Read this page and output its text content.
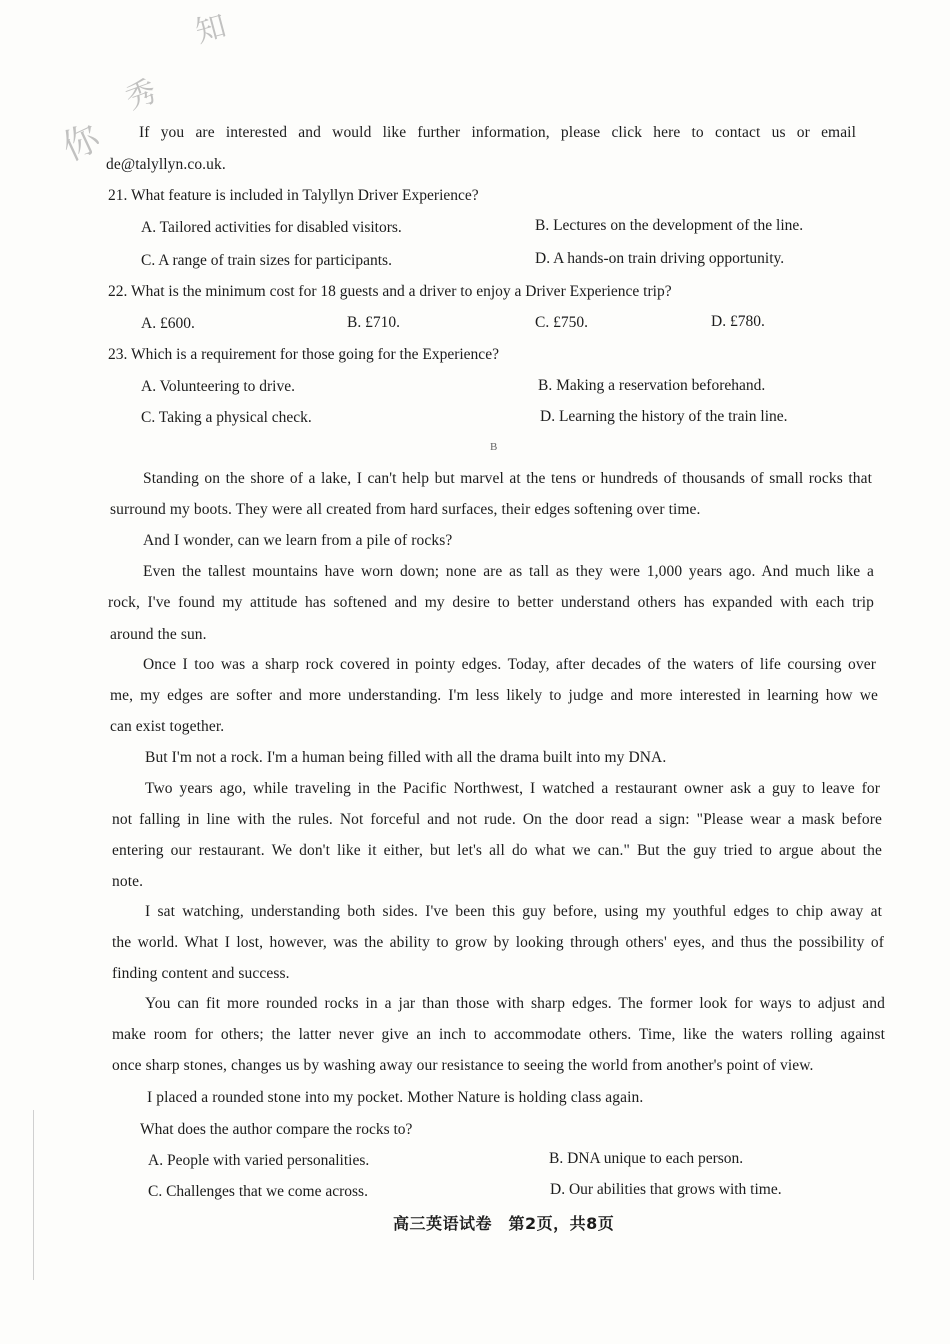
知
秀
你 If you are interested and would like further information, please click here to contact us or email
de@talyllyn.co.uk.
21. What feature is included in Talyllyn Driver Experience?
A. Tailored activities for disabled visitors.	B. Lectures on the development of the line.
C. A range of train sizes for participants.	D. A hands-on train driving opportunity.
22. What is the minimum cost for 18 guests and a driver to enjoy a Driver Experience trip?
A. £600.	B. £710.	C. £750.	D. £780.
23. Which is a requirement for those going for the Experience?
A. Volunteering to drive.	B. Making a reservation beforehand.
C. Taking a physical check.	D. Learning the history of the train line.
B
Standing on the shore of a lake, I can't help but marvel at the tens or hundreds of thousands of small rocks that
surround my boots. They were all created from hard surfaces, their edges softening over time.
And I wonder, can we learn from a pile of rocks?
Even the tallest mountains have worn down; none are as tall as they were 1,000 years ago. And much like a
rock, I've found my attitude has softened and my desire to better understand others has expanded with each trip
around the sun.
Once I too was a sharp rock covered in pointy edges. Today, after decades of the waters of life coursing over
me, my edges are softer and more understanding. I'm less likely to judge and more interested in learning how we
can exist together.
But I'm not a rock. I'm a human being filled with all the drama built into my DNA.
Two years ago, while traveling in the Pacific Northwest, I watched a restaurant owner ask a guy to leave for
not falling in line with the rules. Not forceful and not rude. On the door read a sign: "Please wear a mask before
entering our restaurant. We don't like it either, but let's all do what we can." But the guy tried to argue about the
note.
I sat watching, understanding both sides. I've been this guy before, using my youthful edges to chip away at
the world. What I lost, however, was the ability to grow by looking through others' eyes, and thus the possibility of
finding content and success.
You can fit more rounded rocks in a jar than those with sharp edges. The former look for ways to adjust and
make room for others; the latter never give an inch to accommodate others. Time, like the waters rolling against
once sharp stones, changes us by washing away our resistance to seeing the world from another's point of view.
I placed a rounded stone into my pocket. Mother Nature is holding class again.
What does the author compare the rocks to?
A. People with varied personalities.	B. DNA unique to each person.
C. Challenges that we come across.	D. Our abilities that grows with time.
高三英语试卷　第2页，共8页
